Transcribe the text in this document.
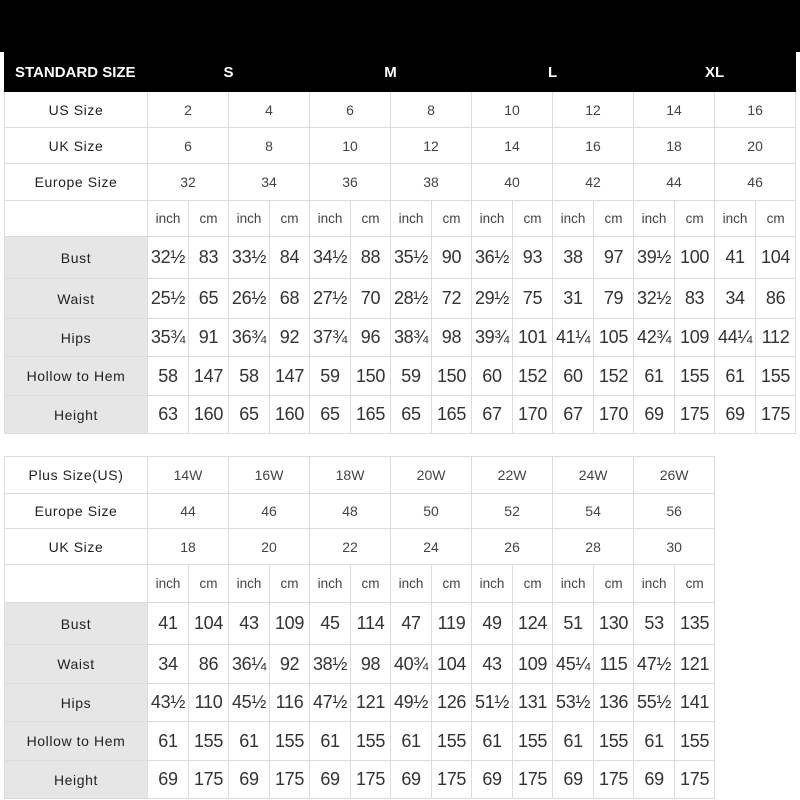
STANDARD SIZE	S				M				L				XL			
US Size	2		4		6		8		10		12		14		16	
UK Size	6		8		10		12		14		16		18		20	
Europe Size	32		34		36		38		40		42		44		46	
	inch	cm	inch	cm	inch	cm	inch	cm	inch	cm	inch	cm	inch	cm	inch	cm
Bust	32½	83	33½	84	34½	88	35½	90	36½	93	38	97	39½	100	41	104
Waist	25½	65	26½	68	27½	70	28½	72	29½	75	31	79	32½	83	34	86
Hips	35¾	91	36¾	92	37¾	96	38¾	98	39¾	101	41¼	105	42¾	109	44¼	112
Hollow to Hem	58	147	58	147	59	150	59	150	60	152	60	152	61	155	61	155
Height	63	160	65	160	65	165	65	165	67	170	67	170	69	175	69	175
Plus Size(US)	14W		16W		18W		20W		22W		24W		26W	
Europe Size	44		46		48		50		52		54		56	
UK Size	18		20		22		24		26		28		30	
	inch	cm	inch	cm	inch	cm	inch	cm	inch	cm	inch	cm	inch	cm
Bust	41	104	43	109	45	114	47	119	49	124	51	130	53	135
Waist	34	86	36¼	92	38½	98	40¾	104	43	109	45¼	115	47½	121
Hips	43½	110	45½	116	47½	121	49½	126	51½	131	53½	136	55½	141
Hollow to Hem	61	155	61	155	61	155	61	155	61	155	61	155	61	155
Height	69	175	69	175	69	175	69	175	69	175	69	175	69	175
